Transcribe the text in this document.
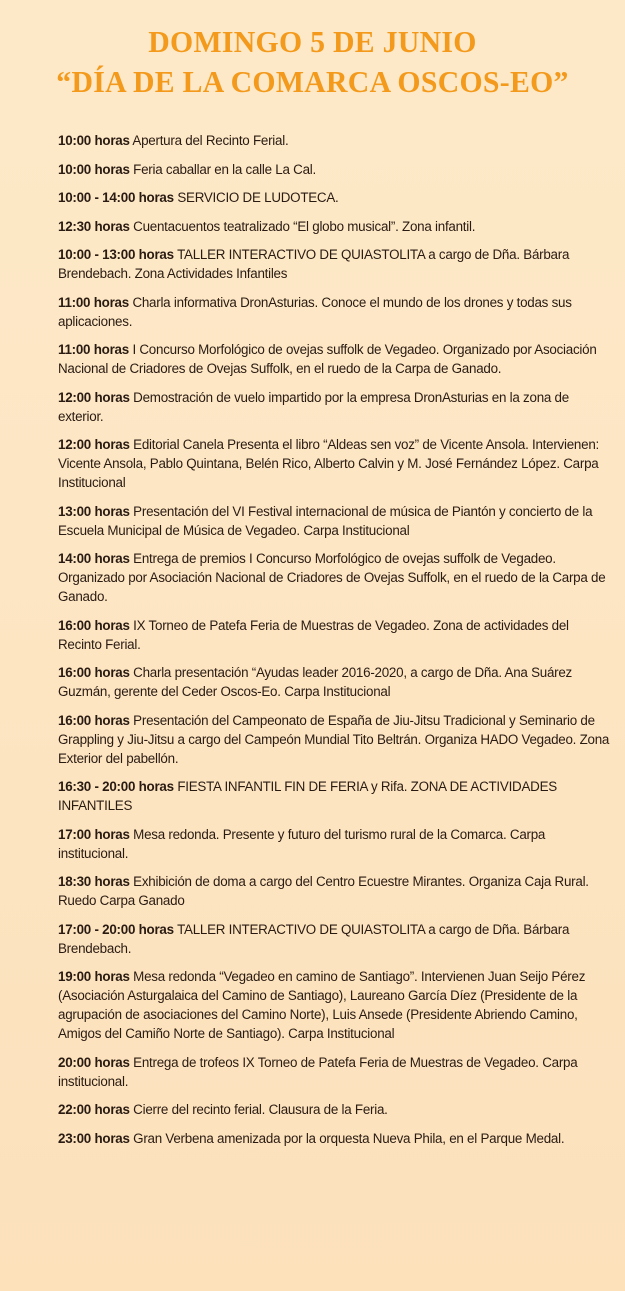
DOMINGO 5 DE JUNIO
“DÍA DE LA COMARCA OSCOS-EO”
10:00 horas Apertura del Recinto Ferial.
10:00 horas Feria caballar en la calle La Cal.
10:00 - 14:00 horas SERVICIO DE LUDOTECA.
12:30 horas Cuentacuentos teatralizado “El globo musical”. Zona infantil.
10:00 - 13:00 horas TALLER INTERACTIVO DE QUIASTOLITA a cargo de Dña. Bárbara Brendebach. Zona Actividades Infantiles
11:00 horas Charla informativa DronAsturias. Conoce el mundo de los drones y todas sus aplicaciones.
11:00 horas I Concurso Morfológico de ovejas suffolk de Vegadeo. Organizado por Asociación Nacional de Criadores de Ovejas Suffolk, en el ruedo de la Carpa de Ganado.
12:00 horas Demostración de vuelo impartido por la empresa DronAsturias en la zona de exterior.
12:00 horas Editorial Canela Presenta el libro “Aldeas sen voz” de Vicente Ansola. Intervienen: Vicente Ansola, Pablo Quintana, Belén Rico, Alberto Calvin y M. José Fernández López. Carpa Institucional
13:00 horas Presentación del VI Festival internacional de música de Piantón y concierto de la Escuela Municipal de Música de Vegadeo. Carpa Institucional
14:00 horas Entrega de premios I Concurso Morfológico de ovejas suffolk de Vegadeo. Organizado por Asociación Nacional de Criadores de Ovejas Suffolk, en el ruedo de la Carpa de Ganado.
16:00 horas IX Torneo de Patefa Feria de Muestras de Vegadeo. Zona de actividades del Recinto Ferial.
16:00 horas Charla presentación “Ayudas leader 2016-2020, a cargo de Dña. Ana Suárez Guzmán, gerente del Ceder Oscos-Eo. Carpa Institucional
16:00 horas Presentación del Campeonato de España de Jiu-Jitsu Tradicional y Seminario de Grappling y Jiu-Jitsu a cargo del Campeón Mundial Tito Beltrán. Organiza HADO Vegadeo. Zona Exterior del pabellón.
16:30 - 20:00 horas FIESTA INFANTIL FIN DE FERIA y Rifa. ZONA DE ACTIVIDADES INFANTILES
17:00 horas Mesa redonda. Presente y futuro del turismo rural de la Comarca. Carpa institucional.
18:30 horas Exhibición de doma a cargo del Centro Ecuestre Mirantes. Organiza Caja Rural. Ruedo Carpa Ganado
17:00 - 20:00 horas TALLER INTERACTIVO DE QUIASTOLITA a cargo de Dña. Bárbara Brendebach.
19:00 horas Mesa redonda “Vegadeo en camino de Santiago”. Intervienen Juan Seijo Pérez (Asociación Asturgalaica del Camino de Santiago), Laureano García Díez (Presidente de la agrupación de asociaciones del Camino Norte), Luis Ansede (Presidente Abriendo Camino, Amigos del Camiño Norte de Santiago). Carpa Institucional
20:00 horas Entrega de trofeos IX Torneo de Patefa Feria de Muestras de Vegadeo. Carpa institucional.
22:00 horas Cierre del recinto ferial. Clausura de la Feria.
23:00 horas Gran Verbena amenizada por la orquesta Nueva Phila, en el Parque Medal.
